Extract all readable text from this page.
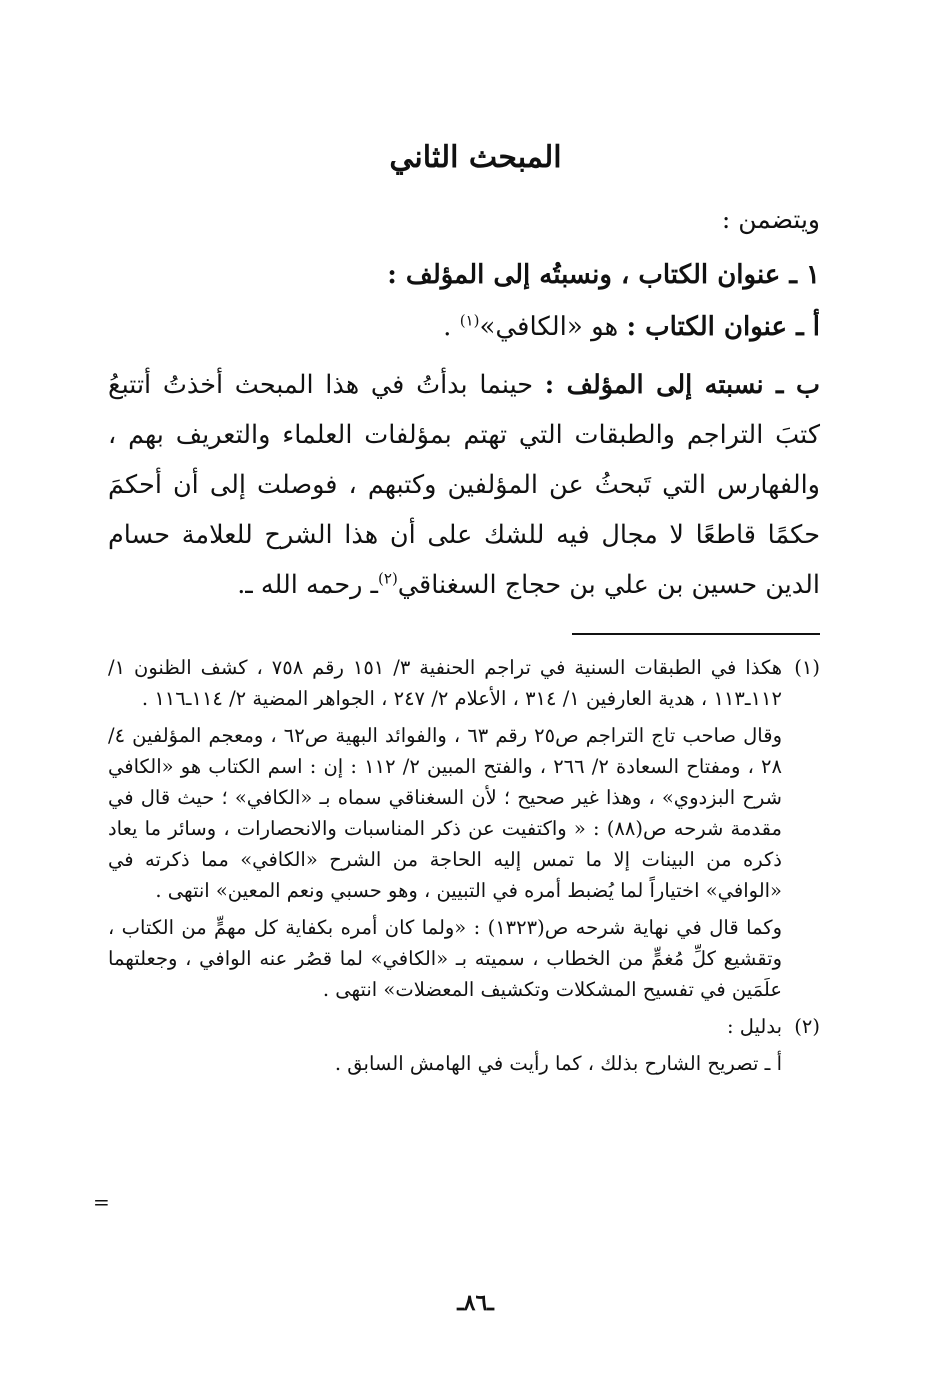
المبحث الثاني
ويتضمن :
١ ـ عنوان الكتاب ، ونسبتُه إلى المؤلف :
أ ـ عنوان الكتاب : هو «الكافي»$^{(١)}$ .

ب ـ نسبته إلى المؤلف : حينما بدأتُ في هذا المبحث أخذتُ أتتبعُ كتبَ التراجم والطبقات التي تهتم بمؤلفات العلماء والتعريف بهم ، والفهارس التي تَبحثُ عن المؤلفين وكتبهم ، فوصلت إلى أن أحكمَ حكمًا قاطعًا لا مجال فيه للشك على أن هذا الشرح للعلامة حسام الدين حسين بن علي بن حجاج السغناقي$^{(٢)}$ـ رحمه الله ـ.

(١)

هكذا في الطبقات السنية في تراجم الحنفية ٣/ ١٥١ رقم ٧٥٨ ، كشف الظنون ١/ ١١٢ـ١١٣ ، هدية العارفين ١/ ٣١٤ ، الأعلام ٢/ ٢٤٧ ، الجواهر المضية ٢/ ١١٤ـ١١٦ .

وقال صاحب تاج التراجم ص٢٥ رقم ٦٣ ، والفوائد البهية ص٦٢ ، ومعجم المؤلفين ٤/ ٢٨ ، ومفتاح السعادة ٢/ ٢٦٦ ، والفتح المبين ٢/ ١١٢ : إن : اسم الكتاب هو «الكافي شرح البزدوي» ، وهذا غير صحيح ؛ لأن السغناقي سماه بـ «الكافي» ؛ حيث قال في مقدمة شرحه ص(٨٨) : « واكتفيت عن ذكر المناسبات والانحصارات ، وسائر ما يعاد ذكره من البينات إلا ما تمس إليه الحاجة من الشرح «الكافي» مما ذكرته في «الوافي» اختياراً لما يُضبط أمره في التبيين ، وهو حسبي ونعم المعين» انتهى .

وكما قال في نهاية شرحه ص(١٣٢٣) : «ولما كان أمره بكفاية كل مهمٍّ من الكتاب ، وتقشيع كلِّ مُغمٍّ من الخطاب ، سميته بـ «الكافي» لما قصُر عنه الوافي ، وجعلتهما علَمَين في تفسيح المشكلات وتكشيف المعضلات» انتهى .

(٢)

بدليل :

أ ـ تصريح الشارح بذلك ، كما رأيت في الهامش السابق .

=
ـ٨٦ـ
